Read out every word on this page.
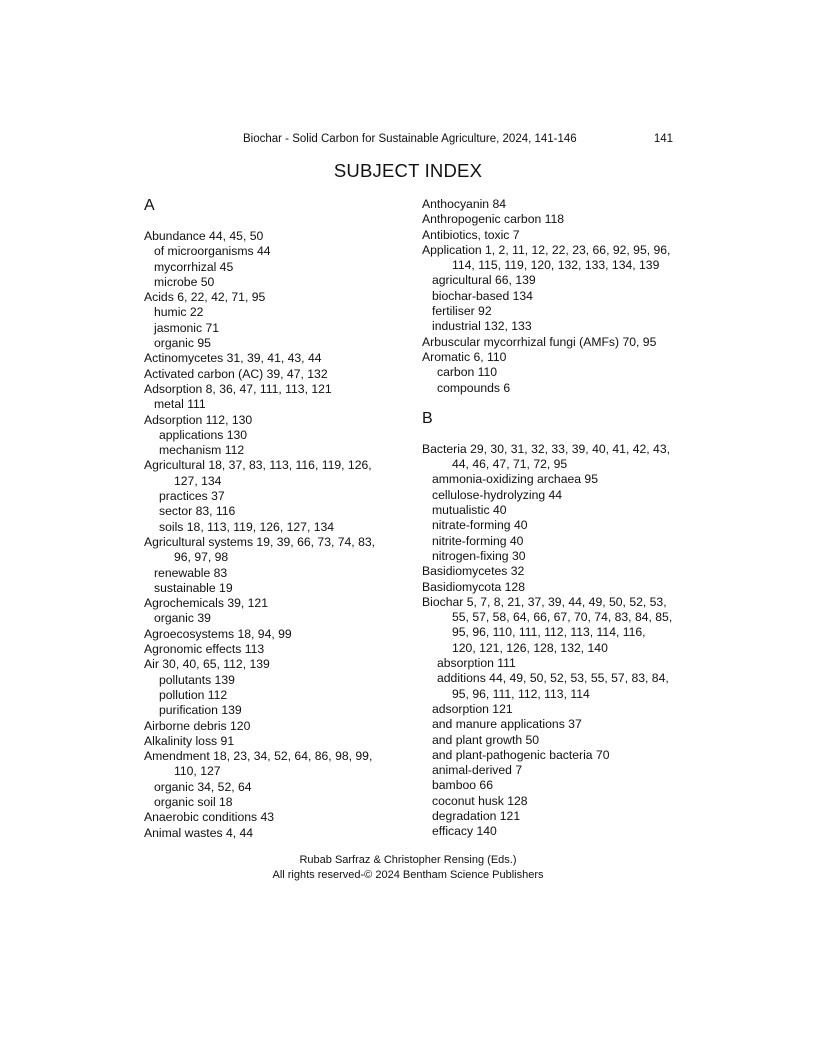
Biochar - Solid Carbon for Sustainable Agriculture, 2024, 141-146	141
SUBJECT INDEX
A
Abundance 44, 45, 50
of microorganisms 44
mycorrhizal 45
microbe 50
Acids 6, 22, 42, 71, 95
humic 22
jasmonic 71
organic 95
Actinomycetes 31, 39, 41, 43, 44
Activated carbon (AC) 39, 47, 132
Adsorption 8, 36, 47, 111, 113, 121
metal 111
Adsorption 112, 130
applications 130
mechanism 112
Agricultural 18, 37, 83, 113, 116, 119, 126,
127, 134
practices 37
sector 83, 116
soils 18, 113, 119, 126, 127, 134
Agricultural systems 19, 39, 66, 73, 74, 83,
96, 97, 98
renewable 83
sustainable 19
Agrochemicals 39, 121
organic 39
Agroecosystems 18, 94, 99
Agronomic effects 113
Air 30, 40, 65, 112, 139
pollutants 139
pollution 112
purification 139
Airborne debris 120
Alkalinity loss 91
Amendment 18, 23, 34, 52, 64, 86, 98, 99,
110, 127
organic 34, 52, 64
organic soil 18
Anaerobic conditions 43
Animal wastes 4, 44
Anthocyanin 84
Anthropogenic carbon 118
Antibiotics, toxic 7
Application 1, 2, 11, 12, 22, 23, 66, 92, 95, 96,
114, 115, 119, 120, 132, 133, 134, 139
agricultural 66, 139
biochar-based 134
fertiliser 92
industrial 132, 133
Arbuscular mycorrhizal fungi (AMFs) 70, 95
Aromatic 6, 110
carbon 110
compounds 6
B
Bacteria 29, 30, 31, 32, 33, 39, 40, 41, 42, 43,
44, 46, 47, 71, 72, 95
ammonia-oxidizing archaea 95
cellulose-hydrolyzing 44
mutualistic 40
nitrate-forming 40
nitrite-forming 40
nitrogen-fixing 30
Basidiomycetes 32
Basidiomycota 128
Biochar 5, 7, 8, 21, 37, 39, 44, 49, 50, 52, 53,
55, 57, 58, 64, 66, 67, 70, 74, 83, 84, 85,
95, 96, 110, 111, 112, 113, 114, 116,
120, 121, 126, 128, 132, 140
absorption 111
additions 44, 49, 50, 52, 53, 55, 57, 83, 84,
95, 96, 111, 112, 113, 114
adsorption 121
and manure applications 37
and plant growth 50
and plant-pathogenic bacteria 70
animal-derived 7
bamboo 66
coconut husk 128
degradation 121
efficacy 140
Rubab Sarfraz & Christopher Rensing (Eds.)
All rights reserved-© 2024 Bentham Science Publishers
